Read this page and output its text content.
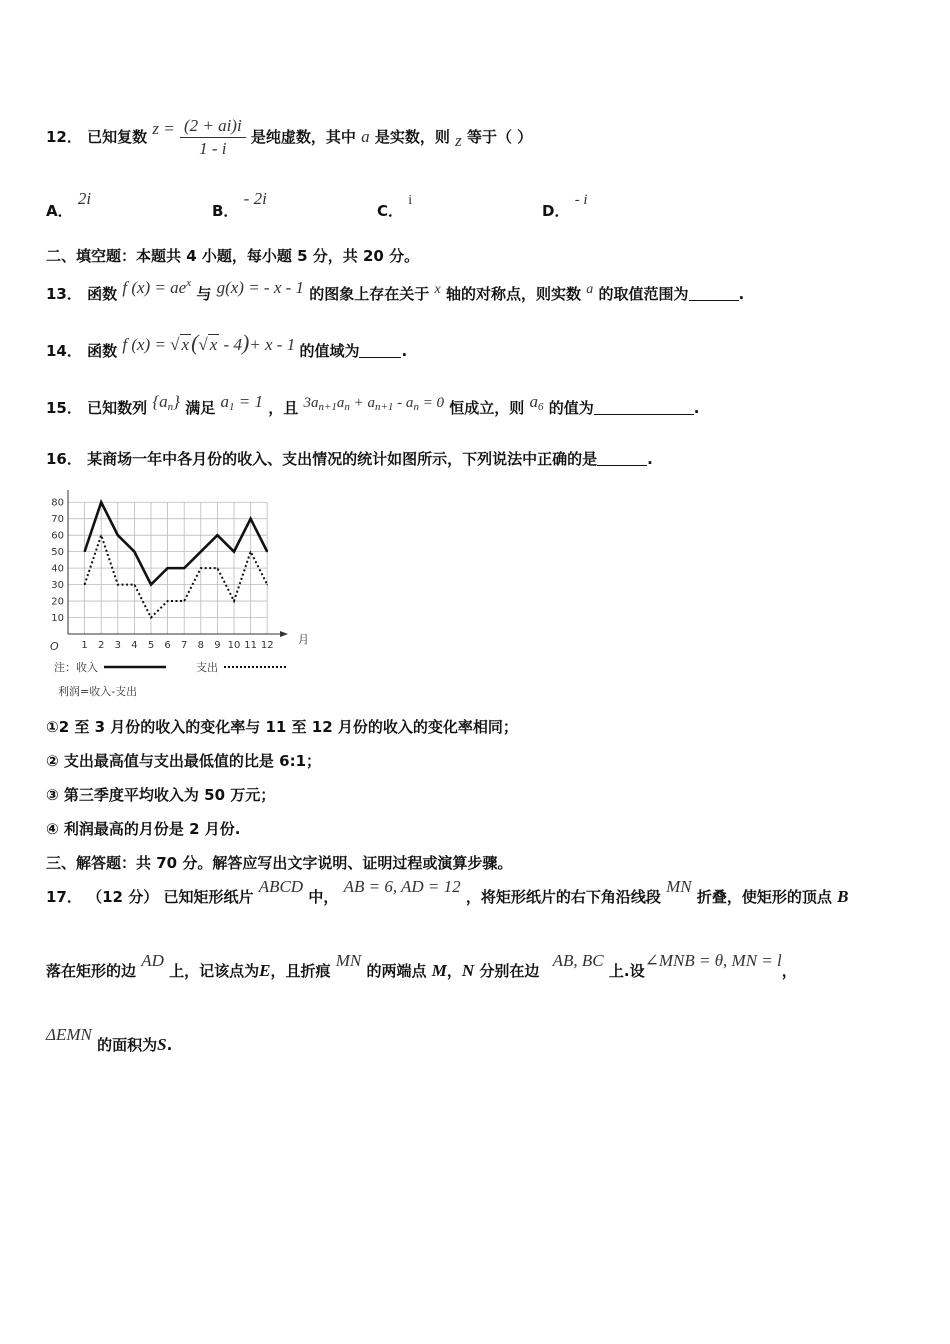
12． 已知复数 $z = \frac{(2 + ai)i}{1 - i}$ 是纯虚数，其中 a 是实数，则 z 等于（ ）
A． 2i
B． - 2i
C． i
D． - i
二、填空题：本题共 4 小题，每小题 5 分，共 20 分。
13． 函数 f $(x) = ae^x$ 与 g(x) = - x - 1 的图象上存在关于 x 轴的对称点，则实数 a 的取值范围为	.
14． 函数 f (x) = √ x(√ x - 4)+ x - 1 的值域为	.
15． 已知数列 $\{a_n\}$ 满足 $a_1 = 1$ ，且 $3a_{n+1}a_n + a_{n+1} - a_n = 0$ 恒成立，则 $a_6$ 的值为	.
16． 某商场一年中各月份的收入、支出情况的统计如图所示，下列说法中正确的是	.
10
20
30
40
50
60
70
80
1 2 3 4 5 6 7 8 9 10 11 12
O
月
注：收入	支出
利润=收入-支出
①2 至 3 月份的收入的变化率与 11 至 12 月份的收入的变化率相同；
② 支出最高值与支出最低值的比是 6:1；
③ 第三季度平均收入为 50 万元；
④ 利润最高的月份是 2 月份.
三、解答题：共 70 分。解答应写出文字说明、证明过程或演算步骤。
17． （12 分） 已知矩形纸片 ABCD 中， AB = 6, AD = 12 ，将矩形纸片的右下角沿线段 MN 折叠，使矩形的顶点 B
落在矩形的边 AD 上，记该点为E，且折痕 MN 的两端点 M，N 分别在边 AB, BC 上.设∠MNB = θ, MN = l，
ΔEMN 的面积为S.
